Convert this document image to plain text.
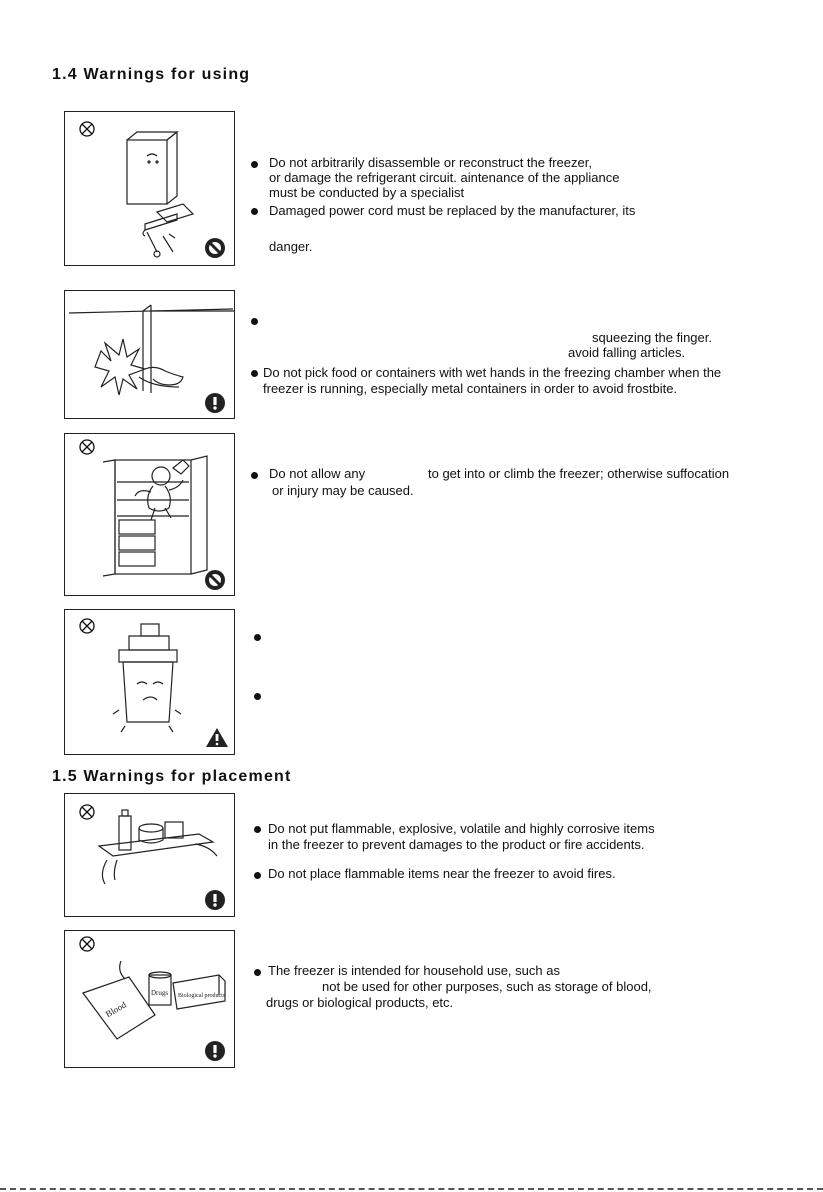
1.4 Warnings for using
Do not arbitrarily disassemble or reconstruct the freezer,
or damage the refrigerant circuit. aintenance of the appliance
must be conducted by a specialist
Damaged power cord must be replaced by the manufacturer, its
danger.
squeezing the finger.
avoid falling articles.
Do not pick food or containers with wet hands in the freezing chamber when the
freezer is running, especially metal containers in order to avoid frostbite.
Do not allow any	to get into or climb the freezer; otherwise suffocation
or injury may be caused.
1.5 Warnings for placement
Do not put flammable, explosive, volatile and highly corrosive items
in the freezer to prevent damages to the product or fire accidents.
Do not place flammable items near the freezer to avoid fires.
Blood
Drugs Biological products
The freezer is intended for household use, such as
not be used for other purposes, such as storage of blood,
drugs or biological products, etc.
